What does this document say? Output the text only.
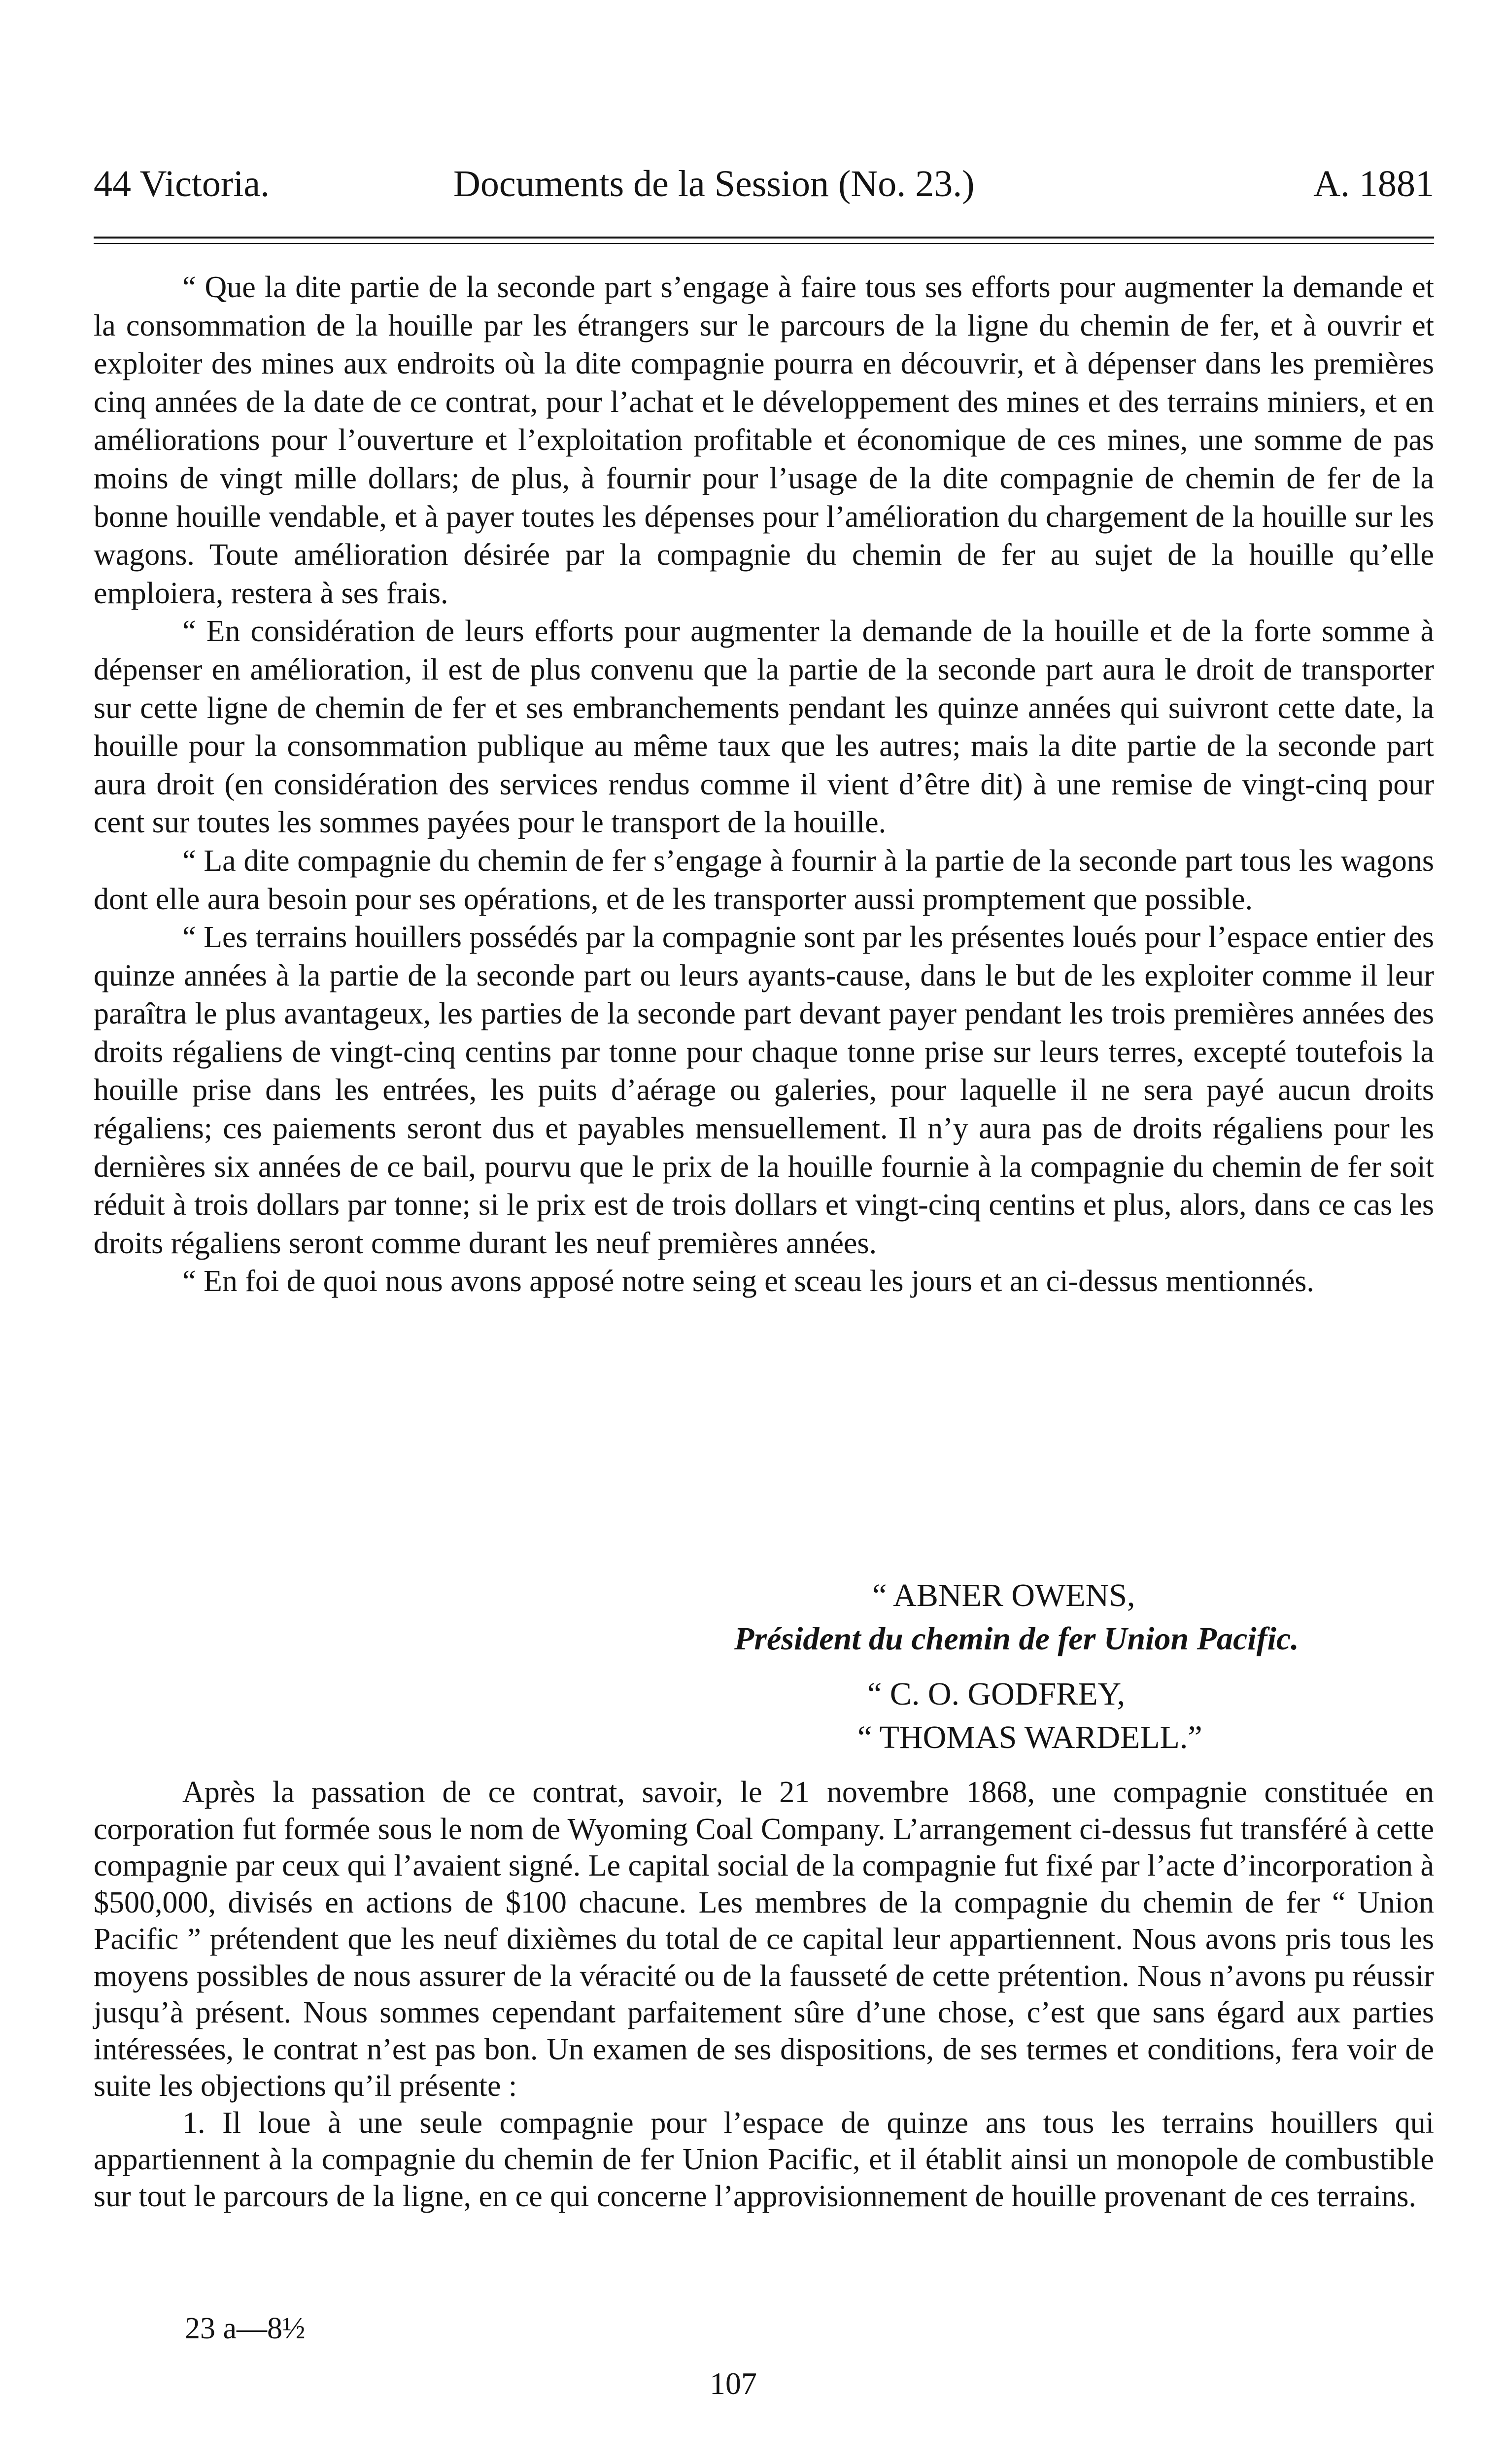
44 Victoria.	Documents de la Session (No. 23.)	A. 1881

“ Que la dite partie de la seconde part s’engage à faire tous ses efforts pour augmenter la demande et la consommation de la houille par les étrangers sur le parcours de la ligne du chemin de fer, et à ouvrir et exploiter des mines aux endroits où la dite compagnie pourra en découvrir, et à dépenser dans les premières cinq années de la date de ce contrat, pour l’achat et le développement des mines et des terrains miniers, et en améliorations pour l’ouverture et l’exploitation profitable et économique de ces mines, une somme de pas moins de vingt mille dollars; de plus, à fournir pour l’usage de la dite compagnie de chemin de fer de la bonne houille vendable, et à payer toutes les dépenses pour l’amélioration du chargement de la houille sur les wagons. Toute amélioration désirée par la compagnie du chemin de fer au sujet de la houille qu’elle emploiera, restera à ses frais.

“ En considération de leurs efforts pour augmenter la demande de la houille et de la forte somme à dépenser en amélioration, il est de plus convenu que la partie de la seconde part aura le droit de transporter sur cette ligne de chemin de fer et ses embranchements pendant les quinze années qui suivront cette date, la houille pour la consommation publique au même taux que les autres; mais la dite partie de la seconde part aura droit (en considération des services rendus comme il vient d’être dit) à une remise de vingt-cinq pour cent sur toutes les sommes payées pour le transport de la houille.

“ La dite compagnie du chemin de fer s’engage à fournir à la partie de la seconde part tous les wagons dont elle aura besoin pour ses opérations, et de les transporter aussi promptement que possible.

“ Les terrains houillers possédés par la compagnie sont par les présentes loués pour l’espace entier des quinze années à la partie de la seconde part ou leurs ayants-cause, dans le but de les exploiter comme il leur paraîtra le plus avantageux, les parties de la seconde part devant payer pendant les trois premières années des droits régaliens de vingt-cinq centins par tonne pour chaque tonne prise sur leurs terres, excepté toutefois la houille prise dans les entrées, les puits d’aérage ou galeries, pour laquelle il ne sera payé aucun droits régaliens; ces paiements seront dus et payables mensuellement. Il n’y aura pas de droits régaliens pour les dernières six années de ce bail, pourvu que le prix de la houille fournie à la compagnie du chemin de fer soit réduit à trois dollars par tonne; si le prix est de trois dollars et vingt-cinq centins et plus, alors, dans ce cas les droits régaliens seront comme durant les neuf premières années.

“ En foi de quoi nous avons apposé notre seing et sceau les jours et an ci-dessus mentionnés.

“ ABNER OWENS,
Président du chemin de fer Union Pacific.
“ C. O. GODFREY,
“ THOMAS WARDELL.”

Après la passation de ce contrat, savoir, le 21 novembre 1868, une compagnie constituée en corporation fut formée sous le nom de Wyoming Coal Company. L’arrangement ci-dessus fut transféré à cette compagnie par ceux qui l’avaient signé. Le capital social de la compagnie fut fixé par l’acte d’incorporation à $500,000, divisés en actions de $100 chacune. Les membres de la compagnie du chemin de fer “ Union Pacific ” prétendent que les neuf dixièmes du total de ce capital leur appartiennent. Nous avons pris tous les moyens possibles de nous assurer de la véracité ou de la fausseté de cette prétention. Nous n’avons pu réussir jusqu’à présent. Nous sommes cependant parfaitement sûre d’une chose, c’est que sans égard aux parties intéressées, le contrat n’est pas bon. Un examen de ses dispositions, de ses termes et conditions, fera voir de suite les objections qu’il présente :

1. Il loue à une seule compagnie pour l’espace de quinze ans tous les terrains houillers qui appartiennent à la compagnie du chemin de fer Union Pacific, et il établit ainsi un monopole de combustible sur tout le parcours de la ligne, en ce qui concerne l’approvisionnement de houille provenant de ces terrains.

23 a—8½
107
